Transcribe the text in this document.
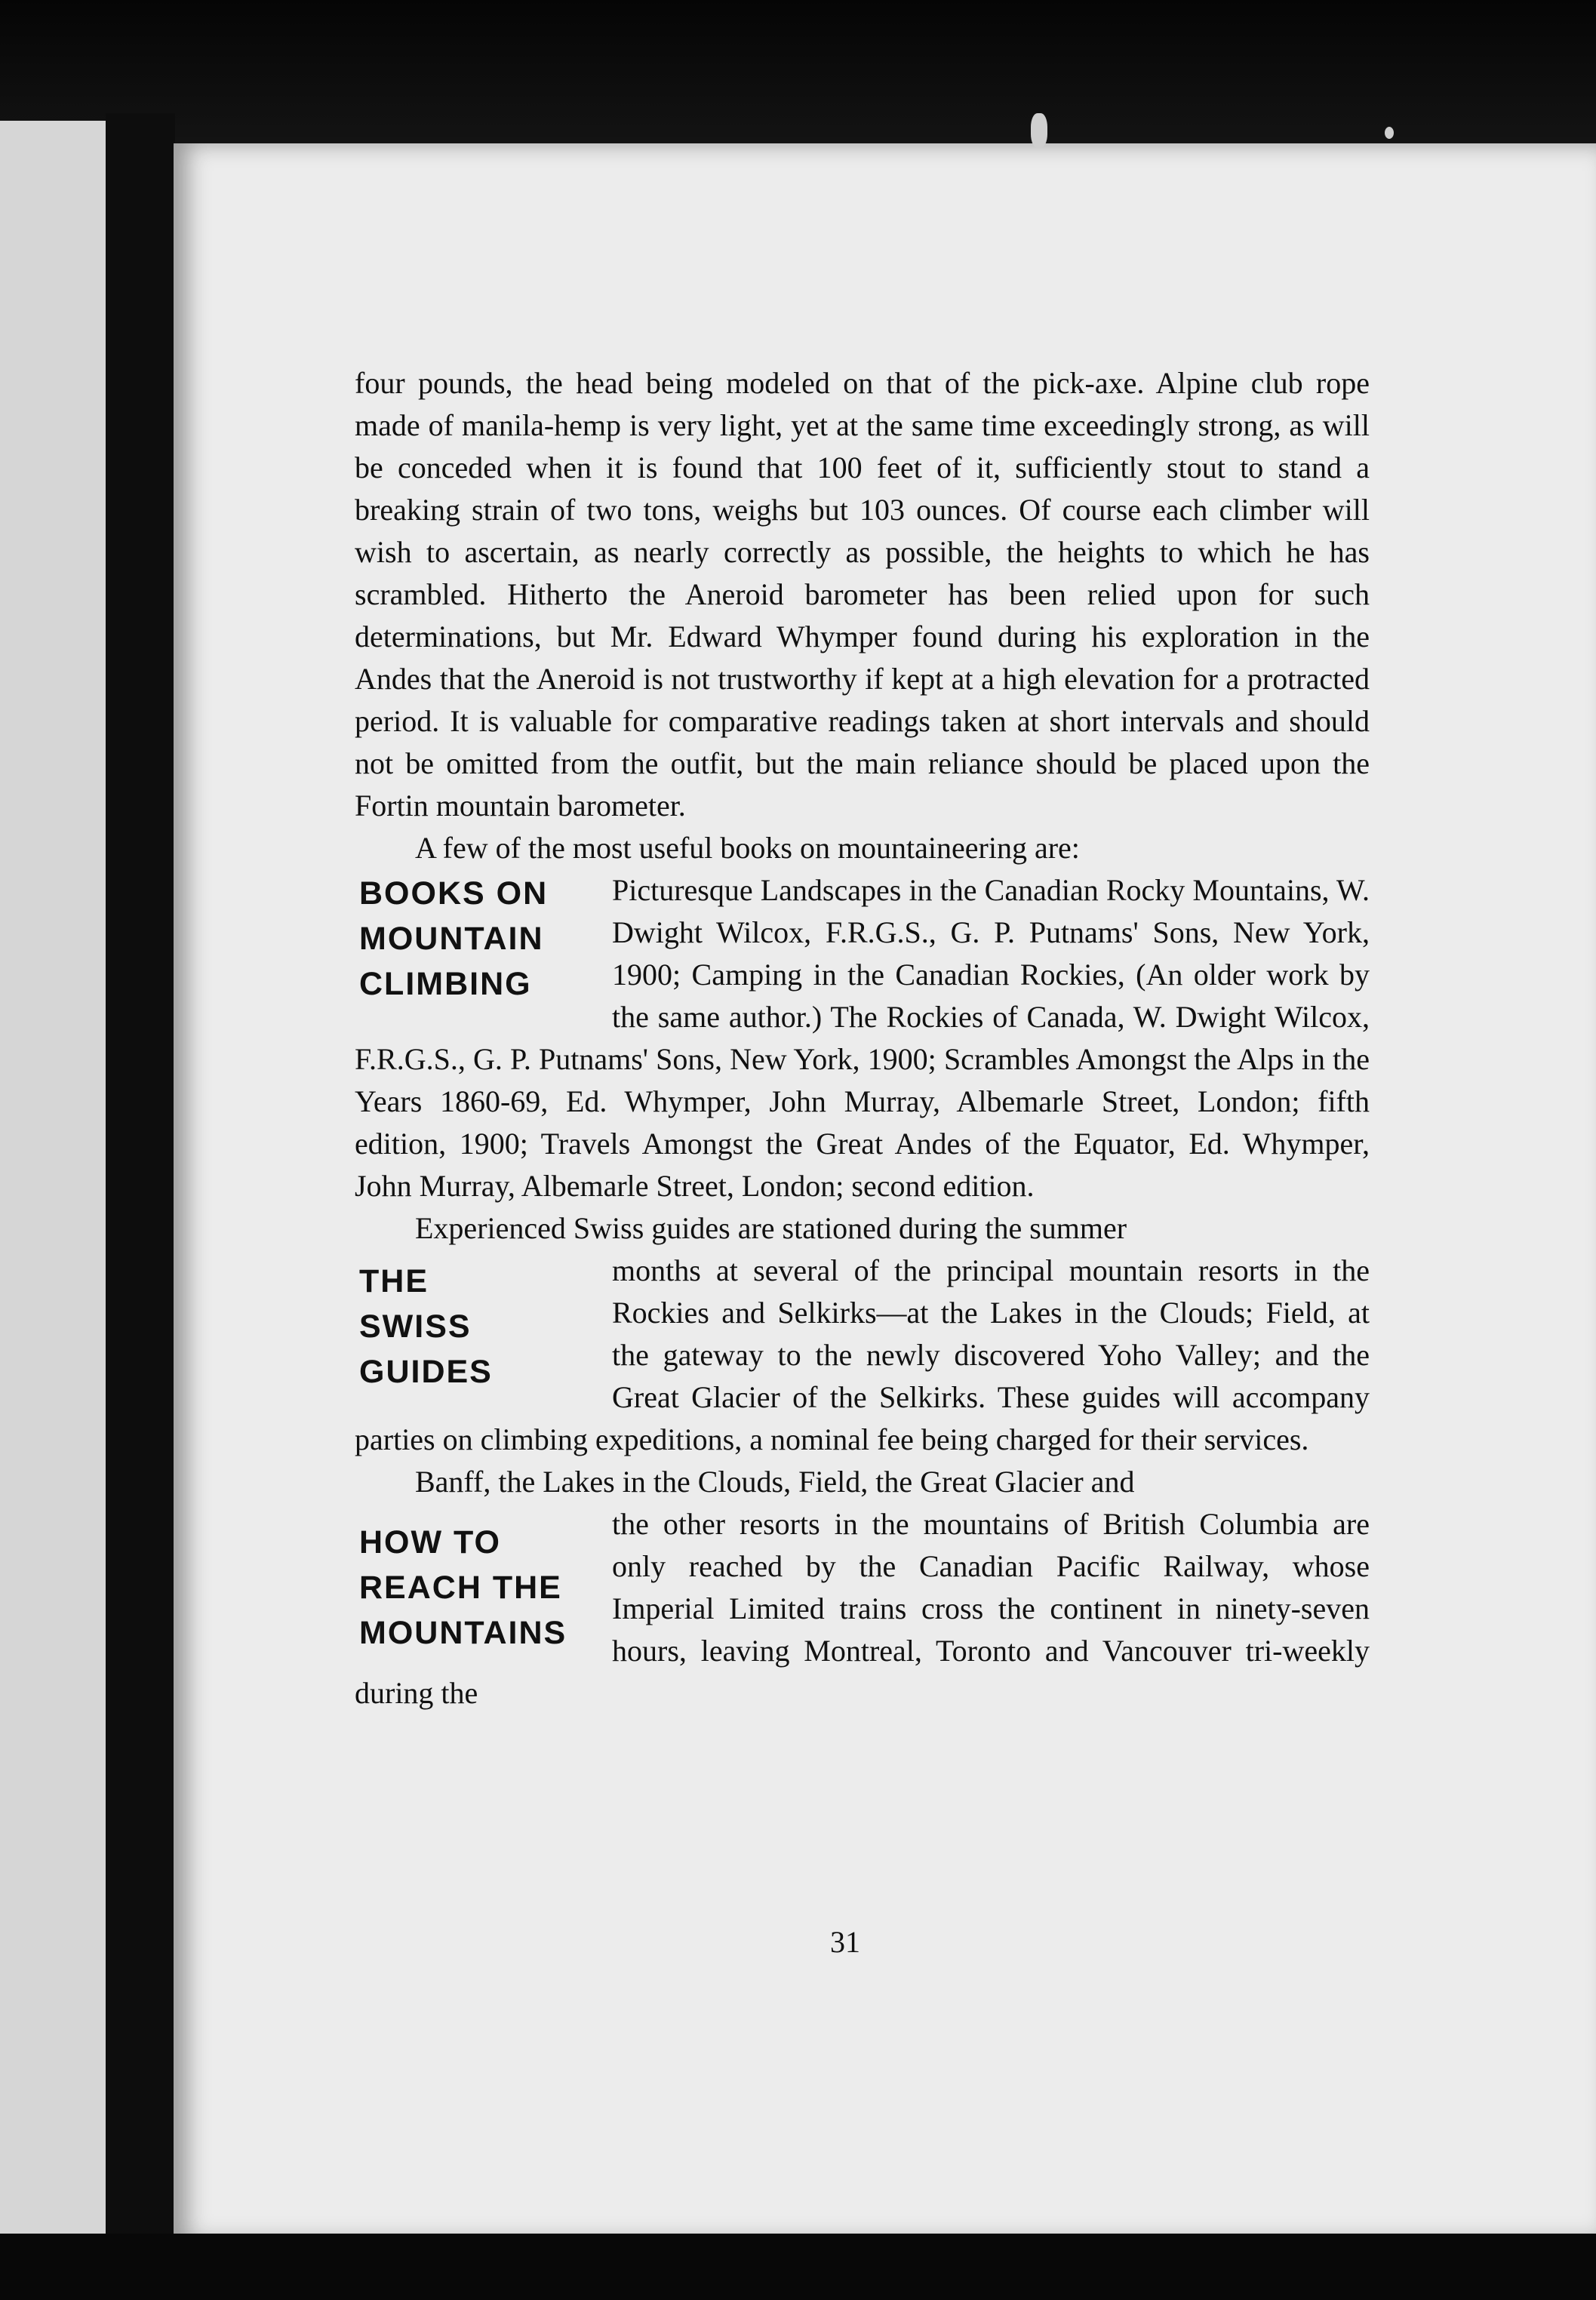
four pounds, the head being modeled on that of the pick-axe. Alpine club rope made of manila-hemp is very light, yet at the same time exceedingly strong, as will be conceded when it is found that 100 feet of it, sufficiently stout to stand a breaking strain of two tons, weighs but 103 ounces. Of course each climber will wish to ascertain, as nearly correctly as possible, the heights to which he has scrambled. Hitherto the Aneroid barometer has been relied upon for such determinations, but Mr. Edward Whymper found during his exploration in the Andes that the Aneroid is not trustworthy if kept at a high elevation for a protracted period. It is valuable for comparative readings taken at short intervals and should not be omitted from the outfit, but the main reliance should be placed upon the Fortin mountain barometer.

A few of the most useful books on mountaineering are:

BOOKS ON
MOUNTAIN
CLIMBING

Picturesque Landscapes in the Canadian Rocky Mountains, W. Dwight Wilcox, F.R.G.S., G. P. Putnams' Sons, New York, 1900; Camping in the Canadian Rockies, (An older work by the same author.) The Rockies of Canada, W. Dwight Wilcox, F.R.G.S., G. P. Putnams' Sons, New York, 1900; Scrambles Amongst the Alps in the Years 1860-69, Ed. Whymper, John Murray, Albemarle Street, London; fifth edition, 1900; Travels Amongst the Great Andes of the Equator, Ed. Whymper, John Murray, Albemarle Street, London; second edition.

Experienced Swiss guides are stationed during the summer

THE
SWISS
GUIDES

months at several of the principal mountain resorts in the Rockies and Selkirks—at the Lakes in the Clouds; Field, at the gateway to the newly discovered Yoho Valley; and the Great Glacier of the Selkirks. These guides will accompany parties on climbing expeditions, a nominal fee being charged for their services.

Banff, the Lakes in the Clouds, Field, the Great Glacier and

HOW TO
REACH THE
MOUNTAINS

the other resorts in the mountains of British Columbia are only reached by the Canadian Pacific Railway, whose Imperial Limited trains cross the continent in ninety-seven hours, leaving Montreal, Toronto and Vancouver tri-weekly during the

31
